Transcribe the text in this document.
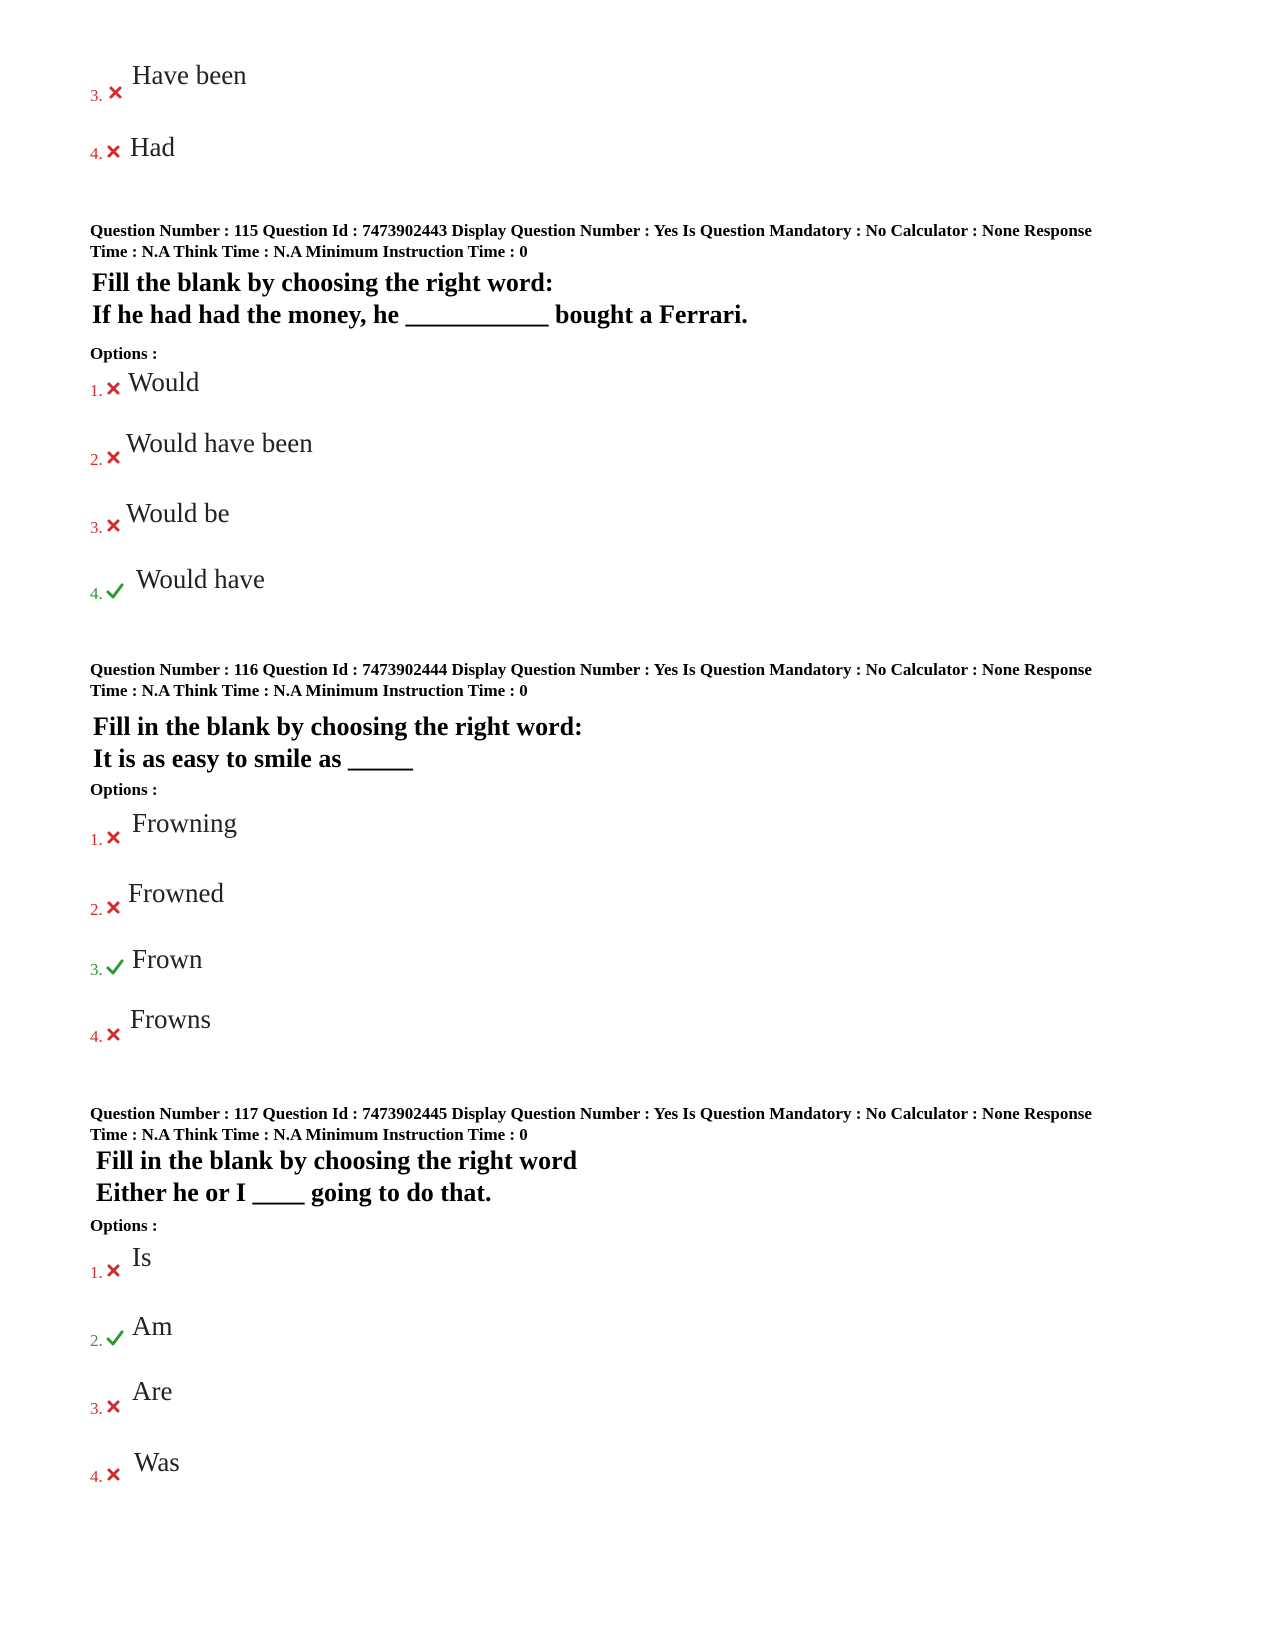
3.
Have been
4. Had
Question Number : 115 Question Id : 7473902443 Display Question Number : Yes Is Question Mandatory : No Calculator : None Response
Time : N.A Think Time : N.A Minimum Instruction Time : 0
Fill the blank by choosing the right word:
If he had had the money, he ___________ bought a Ferrari.
Options :
1. Would
2.
Would have been
3. Would be
4. Would have
Question Number : 116 Question Id : 7473902444 Display Question Number : Yes Is Question Mandatory : No Calculator : None Response
Time : N.A Think Time : N.A Minimum Instruction Time : 0
Fill in the blank by choosing the right word:
It is as easy to smile as _____
Options :
1.
Frowning
2.
Frowned
3. Frown
4.
Frowns
Question Number : 117 Question Id : 7473902445 Display Question Number : Yes Is Question Mandatory : No Calculator : None Response
Time : N.A Think Time : N.A Minimum Instruction Time : 0
Fill in the blank by choosing the right word
Either he or I ____ going to do that.
Options :
1.
Is
2. Am
3.
Are
4. Was
